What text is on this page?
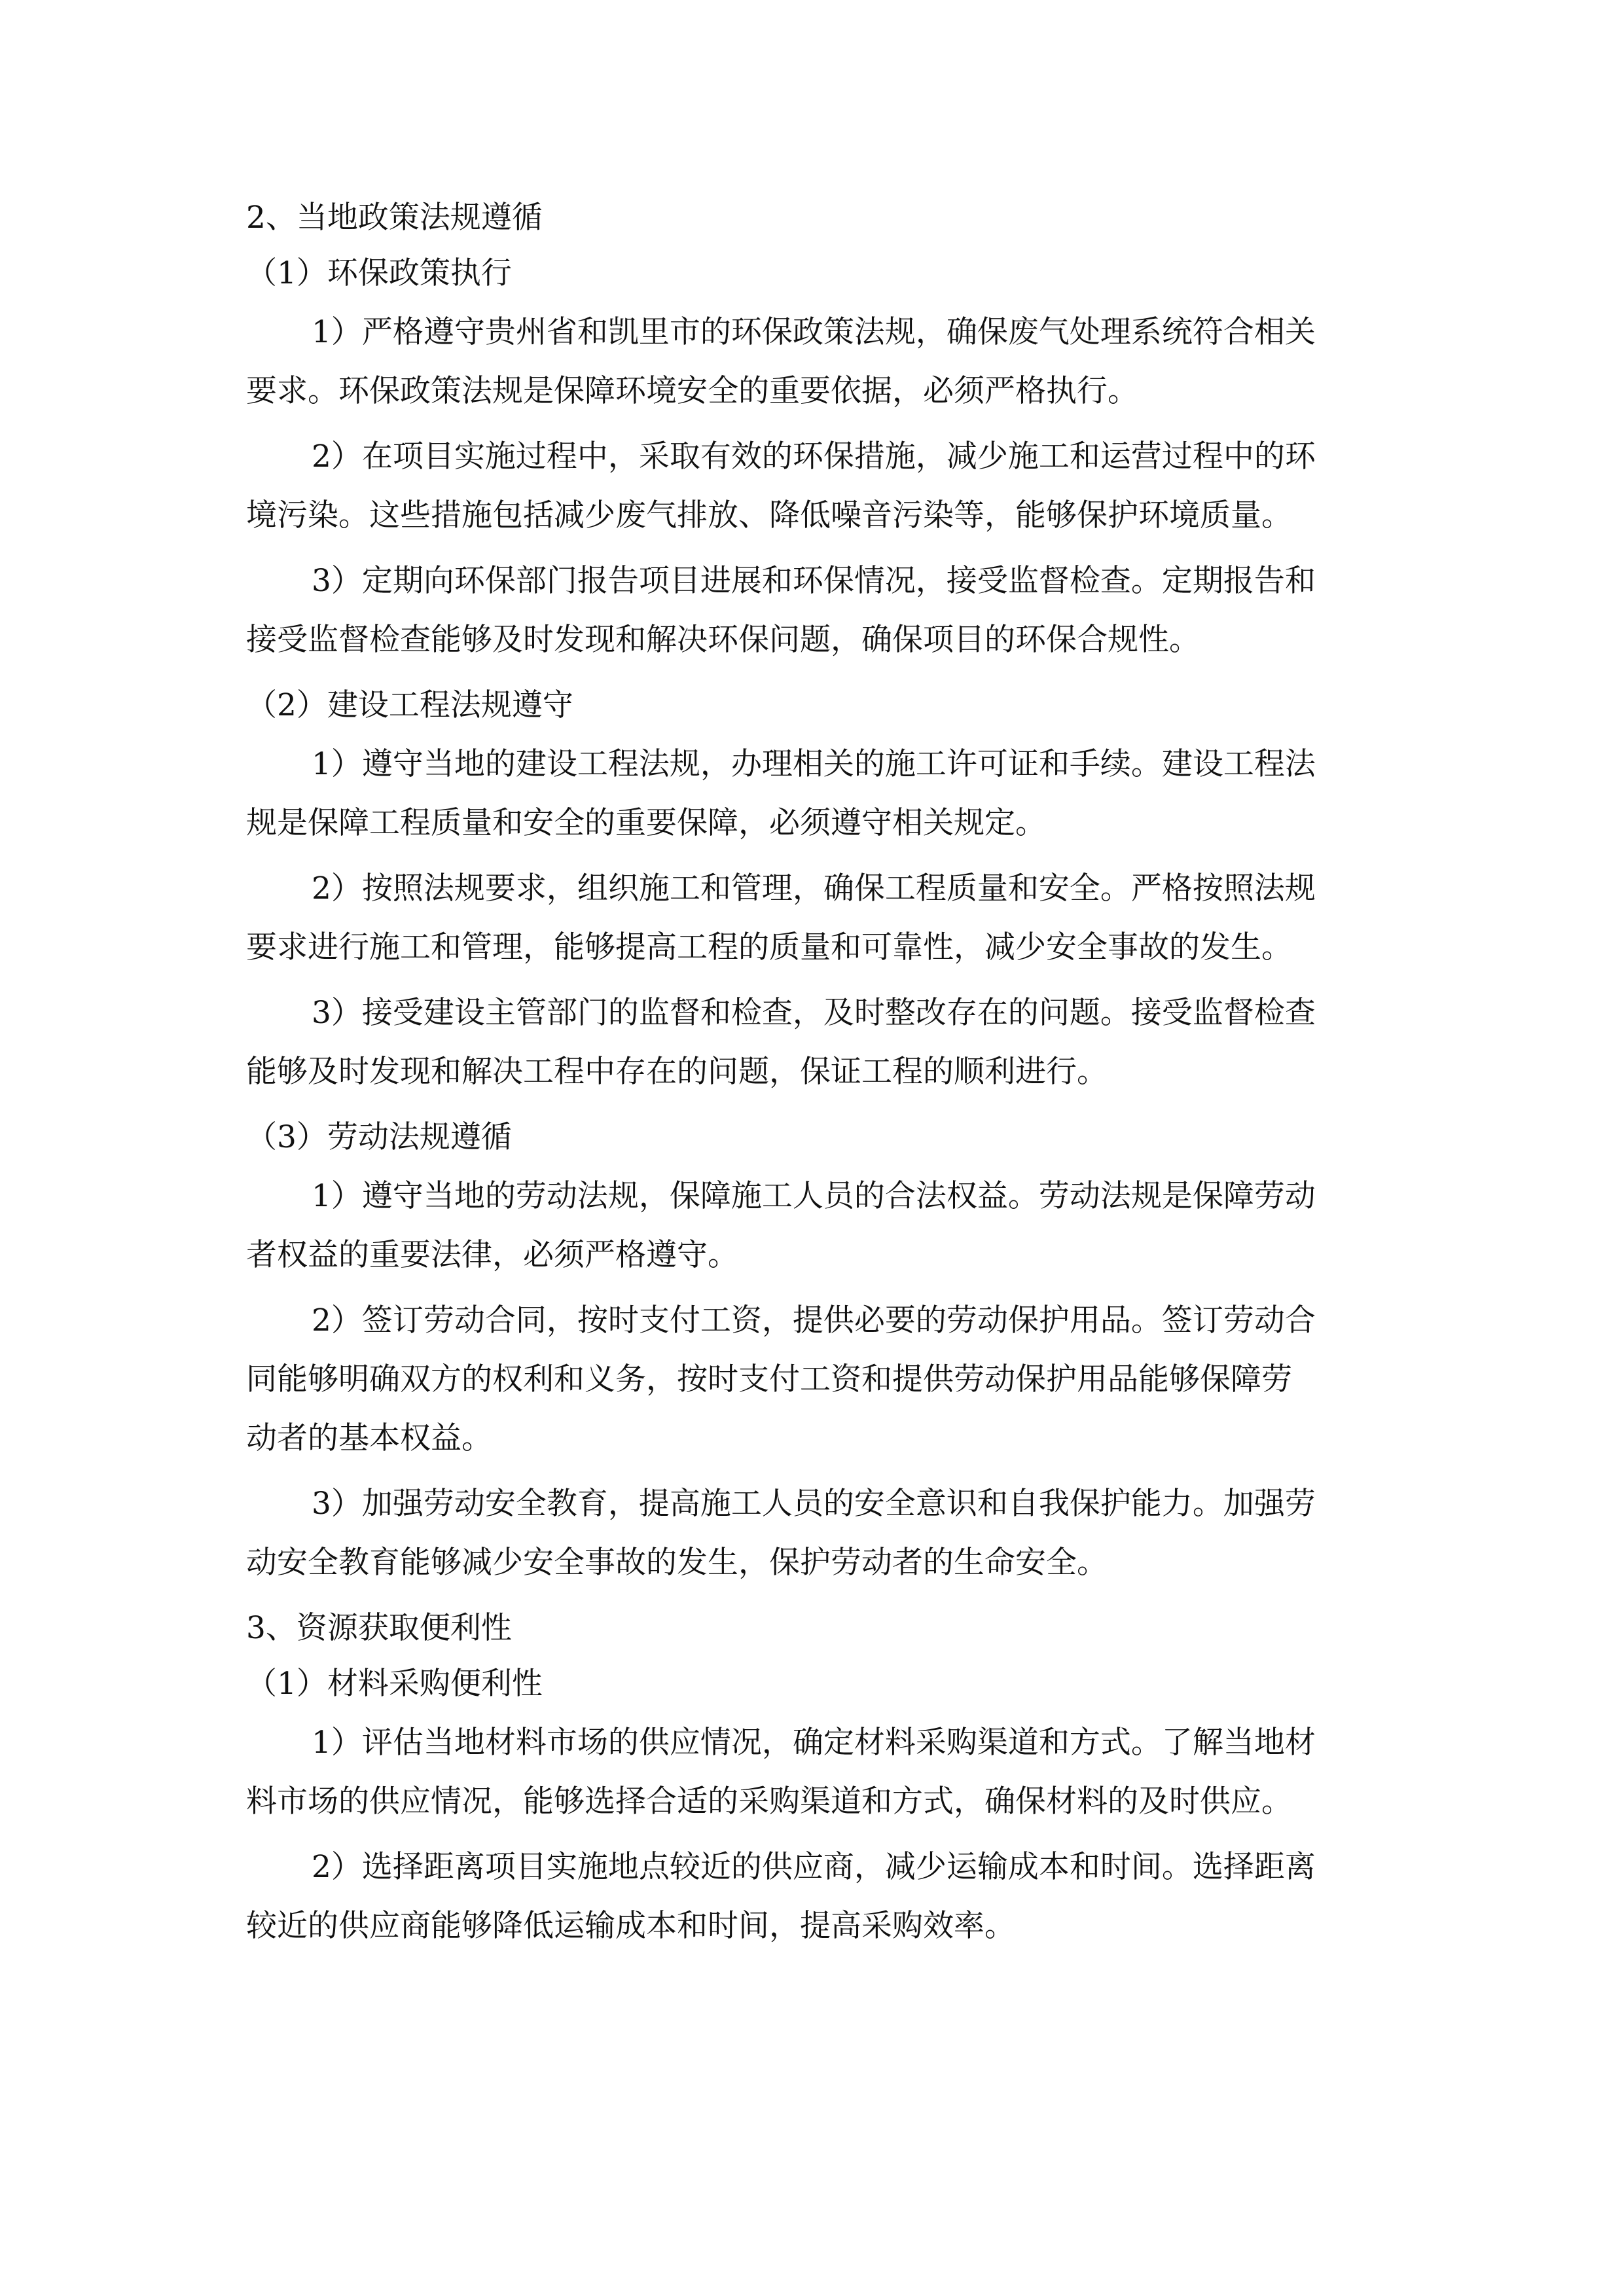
2、当地政策法规遵循
（1）环保政策执行
1）严格遵守贵州省和凯里市的环保政策法规，确保废气处理系统符合相关
要求。环保政策法规是保障环境安全的重要依据，必须严格执行。
2）在项目实施过程中，采取有效的环保措施，减少施工和运营过程中的环
境污染。这些措施包括减少废气排放、降低噪音污染等，能够保护环境质量。
3）定期向环保部门报告项目进展和环保情况，接受监督检查。定期报告和
接受监督检查能够及时发现和解决环保问题，确保项目的环保合规性。
（2）建设工程法规遵守
1）遵守当地的建设工程法规，办理相关的施工许可证和手续。建设工程法
规是保障工程质量和安全的重要保障，必须遵守相关规定。
2）按照法规要求，组织施工和管理，确保工程质量和安全。严格按照法规
要求进行施工和管理，能够提高工程的质量和可靠性，减少安全事故的发生。
3）接受建设主管部门的监督和检查，及时整改存在的问题。接受监督检查
能够及时发现和解决工程中存在的问题，保证工程的顺利进行。
（3）劳动法规遵循
1）遵守当地的劳动法规，保障施工人员的合法权益。劳动法规是保障劳动
者权益的重要法律，必须严格遵守。
2）签订劳动合同，按时支付工资，提供必要的劳动保护用品。签订劳动合
同能够明确双方的权利和义务，按时支付工资和提供劳动保护用品能够保障劳
动者的基本权益。
3）加强劳动安全教育，提高施工人员的安全意识和自我保护能力。加强劳
动安全教育能够减少安全事故的发生，保护劳动者的生命安全。
3、资源获取便利性
（1）材料采购便利性
1）评估当地材料市场的供应情况，确定材料采购渠道和方式。了解当地材
料市场的供应情况，能够选择合适的采购渠道和方式，确保材料的及时供应。
2）选择距离项目实施地点较近的供应商，减少运输成本和时间。选择距离
较近的供应商能够降低运输成本和时间，提高采购效率。
